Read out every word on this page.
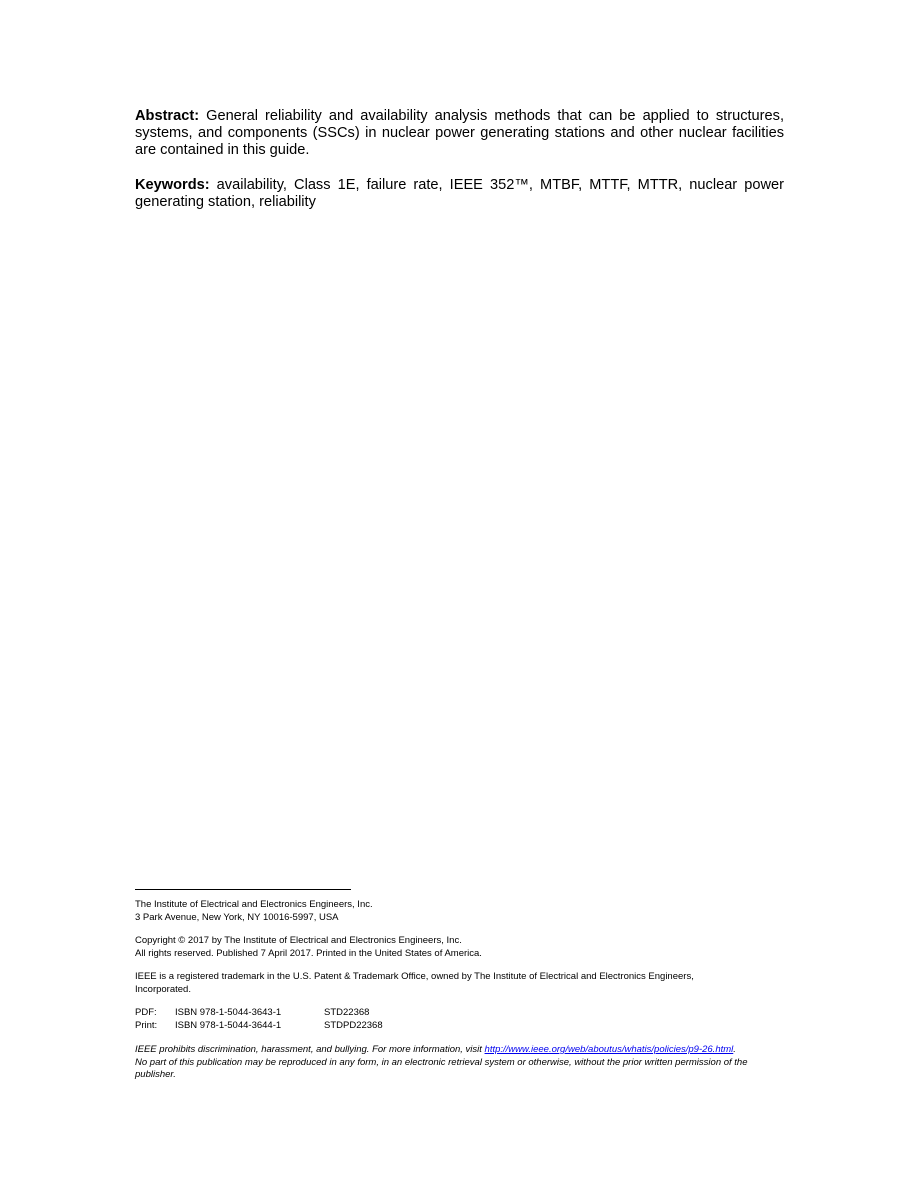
Abstract: General reliability and availability analysis methods that can be applied to structures, systems, and components (SSCs) in nuclear power generating stations and other nuclear facilities are contained in this guide.

Keywords: availability, Class 1E, failure rate, IEEE 352™, MTBF, MTTF, MTTR, nuclear power generating station, reliability

The Institute of Electrical and Electronics Engineers, Inc.
3 Park Avenue, New York, NY 10016-5997, USA

Copyright © 2017 by The Institute of Electrical and Electronics Engineers, Inc.
All rights reserved. Published 7 April 2017. Printed in the United States of America.

IEEE is a registered trademark in the U.S. Patent & Trademark Office, owned by The Institute of Electrical and Electronics Engineers, Incorporated.

PDF:	ISBN 978-1-5044-3643-1	STD22368
Print:	ISBN 978-1-5044-3644-1	STDPD22368

IEEE prohibits discrimination, harassment, and bullying. For more information, visit http://www.ieee.org/web/aboutus/whatis/policies/p9-26.html.
No part of this publication may be reproduced in any form, in an electronic retrieval system or otherwise, without the prior written permission of the publisher.
